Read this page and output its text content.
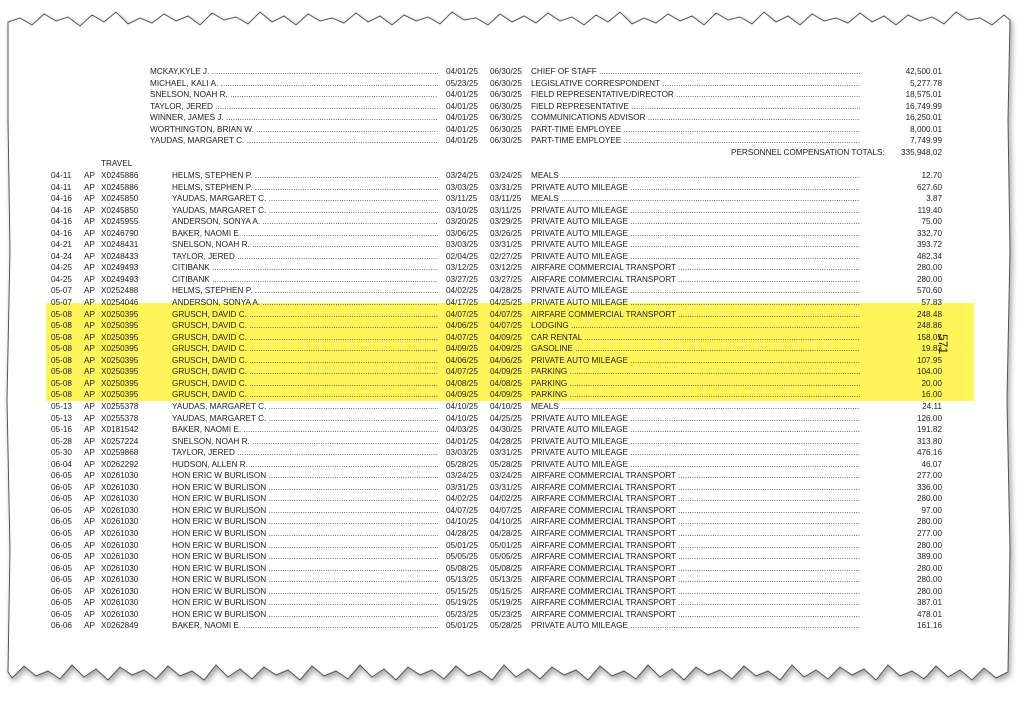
MCKAY,KYLE J. .....	04/01/25 06/30/25 CHIEF OF STAFF .....	42,500.01
MICHAEL, KALI A. .....	05/23/25 06/30/25 LEGISLATIVE CORRESPONDENT .....	5,277.78
SNELSON, NOAH R. .....	04/01/25 06/30/25 FIELD REPRESENTATIVE/DIRECTOR .....	18,575.01
TAYLOR, JERED .....	04/01/25 06/30/25 FIELD REPRESENTATIVE .....	16,749.99
WINNER, JAMES J. .....	04/01/25 06/30/25 COMMUNICATIONS ADVISOR .....	16,250.01
WORTHINGTON, BRIAN W. .....	04/01/25 06/30/25 PART-TIME EMPLOYEE .....	8,000.01
YAUDAS, MARGARET C. .....	04/01/25 06/30/25 PART-TIME EMPLOYEE .....	7,749.99
PERSONNEL COMPENSATION TOTALS: 335,948.02
TRAVEL
04-11 AP X0245886	HELMS, STEPHEN P. .....	03/24/25 03/24/25 MEALS .....	12.70
04-11 AP X0245886	HELMS, STEPHEN P. .....	03/03/25 03/31/25 PRIVATE AUTO MILEAGE .....	627.60
04-16 AP X0245850	YAUDAS, MARGARET C. .....	03/11/25 03/11/25 MEALS .....	3.87
04-16 AP X0245850	YAUDAS, MARGARET C. .....	03/10/25 03/11/25 PRIVATE AUTO MILEAGE .....	119.40
04-16 AP X0245955	ANDERSON, SONYA A. .....	03/20/25 03/29/25 PRIVATE AUTO MILEAGE .....	75.00
04-16 AP X0246790	BAKER, NAOMI E. .....	03/06/25 03/26/25 PRIVATE AUTO MILEAGE .....	332.70
04-21 AP X0248431	SNELSON, NOAH R. .....	03/03/25 03/31/25 PRIVATE AUTO MILEAGE .....	393.72
04-24 AP X0248433	TAYLOR, JERED .....	02/04/25 02/27/25 PRIVATE AUTO MILEAGE .....	482.34
04-25 AP X0249493	CITIBANK .....	03/12/25 03/12/25 AIRFARE COMMERCIAL TRANSPORT .....	280.00
04-25 AP X0249493	CITIBANK .....	03/27/25 03/27/25 AIRFARE COMMERCIAL TRANSPORT .....	280.00
05-07 AP X0252488	HELMS, STEPHEN P. .....	04/02/25 04/28/25 PRIVATE AUTO MILEAGE .....	570.60
05-07 AP X0254046	ANDERSON, SONYA A. .....	04/17/25 04/25/25 PRIVATE AUTO MILEAGE .....	57.83
05-08 AP X0250395	GRUSCH, DAVID C. .....	04/07/25 04/07/25 AIRFARE COMMERCIAL TRANSPORT .....	248.48
05-08 AP X0250395	GRUSCH, DAVID C. .....	04/06/25 04/07/25 LODGING .....	248.86
05-08 AP X0250395	GRUSCH, DAVID C. .....	04/07/25 04/09/25 CAR RENTAL .....	158.05
05-08 AP X0250395	GRUSCH, DAVID C. .....	04/09/25 04/09/25 GASOLINE .....	19.83
05-08 AP X0250395	GRUSCH, DAVID C. .....	04/06/25 04/06/25 PRIVATE AUTO MILEAGE .....	107.95
05-08 AP X0250395	GRUSCH, DAVID C. .....	04/07/25 04/09/25 PARKING .....	104.00
05-08 AP X0250395	GRUSCH, DAVID C. .....	04/08/25 04/08/25 PARKING .....	20.00
05-08 AP X0250395	GRUSCH, DAVID C. .....	04/09/25 04/09/25 PARKING .....	16.00
05-13 AP X0255378	YAUDAS, MARGARET C. .....	04/10/25 04/10/25 MEALS .....	24.11
05-13 AP X0255378	YAUDAS, MARGARET C. .....	04/10/25 04/25/25 PRIVATE AUTO MILEAGE .....	126.00
05-16 AP X0181542	BAKER, NAOMI E. .....	04/03/25 04/30/25 PRIVATE AUTO MILEAGE .....	191.82
05-28 AP X0257224	SNELSON, NOAH R. .....	04/01/25 04/28/25 PRIVATE AUTO MILEAGE .....	313.80
05-30 AP X0259868	TAYLOR, JERED .....	03/03/25 03/31/25 PRIVATE AUTO MILEAGE .....	476.16
06-04 AP X0262292	HUDSON, ALLEN R. .....	05/28/25 05/28/25 PRIVATE AUTO MILEAGE .....	46.07
06-05 AP X0261030	HON ERIC W BURLISON .....	03/24/25 03/24/25 AIRFARE COMMERCIAL TRANSPORT .....	277.00
06-05 AP X0261030	HON ERIC W BURLISON .....	03/31/25 03/31/25 AIRFARE COMMERCIAL TRANSPORT .....	336.00
06-05 AP X0261030	HON ERIC W BURLISON .....	04/02/25 04/02/25 AIRFARE COMMERCIAL TRANSPORT .....	280.00
06-05 AP X0261030	HON ERIC W BURLISON .....	04/07/25 04/07/25 AIRFARE COMMERCIAL TRANSPORT .....	97.00
06-05 AP X0261030	HON ERIC W BURLISON .....	04/10/25 04/10/25 AIRFARE COMMERCIAL TRANSPORT .....	280.00
06-05 AP X0261030	HON ERIC W BURLISON .....	04/28/25 04/28/25 AIRFARE COMMERCIAL TRANSPORT .....	277.00
06-05 AP X0261030	HON ERIC W BURLISON .....	05/01/25 05/01/25 AIRFARE COMMERCIAL TRANSPORT .....	280.00
06-05 AP X0261030	HON ERIC W BURLISON .....	05/05/25 05/05/25 AIRFARE COMMERCIAL TRANSPORT .....	389.00
06-05 AP X0261030	HON ERIC W BURLISON .....	05/08/25 05/08/25 AIRFARE COMMERCIAL TRANSPORT .....	280.00
06-05 AP X0261030	HON ERIC W BURLISON .....	05/13/25 05/13/25 AIRFARE COMMERCIAL TRANSPORT .....	280.00
06-05 AP X0261030	HON ERIC W BURLISON .....	05/15/25 05/15/25 AIRFARE COMMERCIAL TRANSPORT .....	280.00
06-05 AP X0261030	HON ERIC W BURLISON .....	05/19/25 05/19/25 AIRFARE COMMERCIAL TRANSPORT .....	387.01
06-05 AP X0261030	HON ERIC W BURLISON .....	05/23/25 05/23/25 AIRFARE COMMERCIAL TRANSPORT .....	478.01
06-06 AP X0262849	BAKER, NAOMI E. .....	05/01/25 05/28/25 PRIVATE AUTO MILEAGE .....	161.16
571
